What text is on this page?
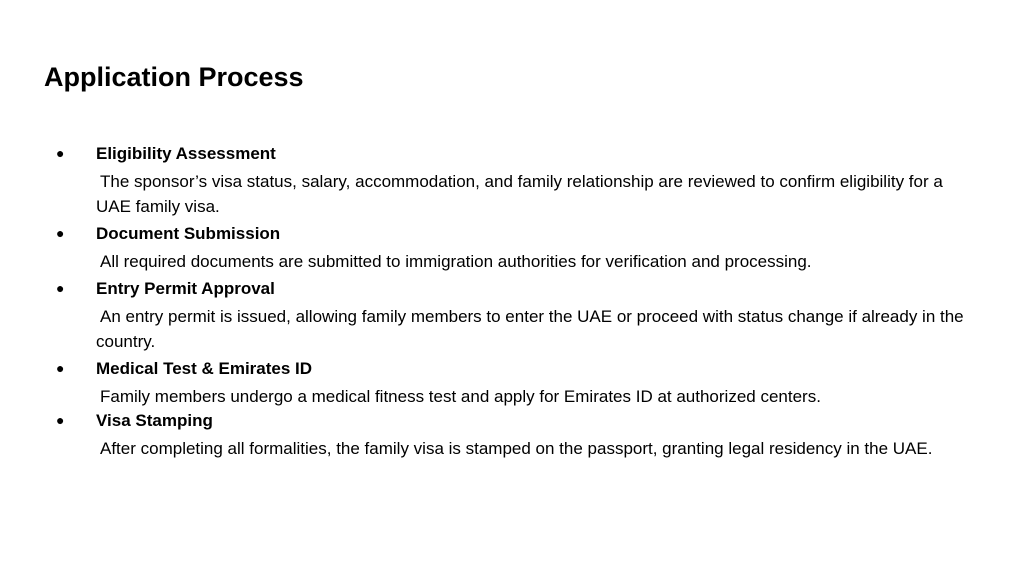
Application Process
● Eligibility Assessment
The sponsor’s visa status, salary, accommodation, and family relationship are reviewed to confirm eligibility for a UAE family visa.
● Document Submission
All required documents are submitted to immigration authorities for verification and processing.
● Entry Permit Approval
An entry permit is issued, allowing family members to enter the UAE or proceed with status change if already in the country.
● Medical Test & Emirates ID
Family members undergo a medical fitness test and apply for Emirates ID at authorized centers.
● Visa Stamping
After completing all formalities, the family visa is stamped on the passport, granting legal residency in the UAE.
